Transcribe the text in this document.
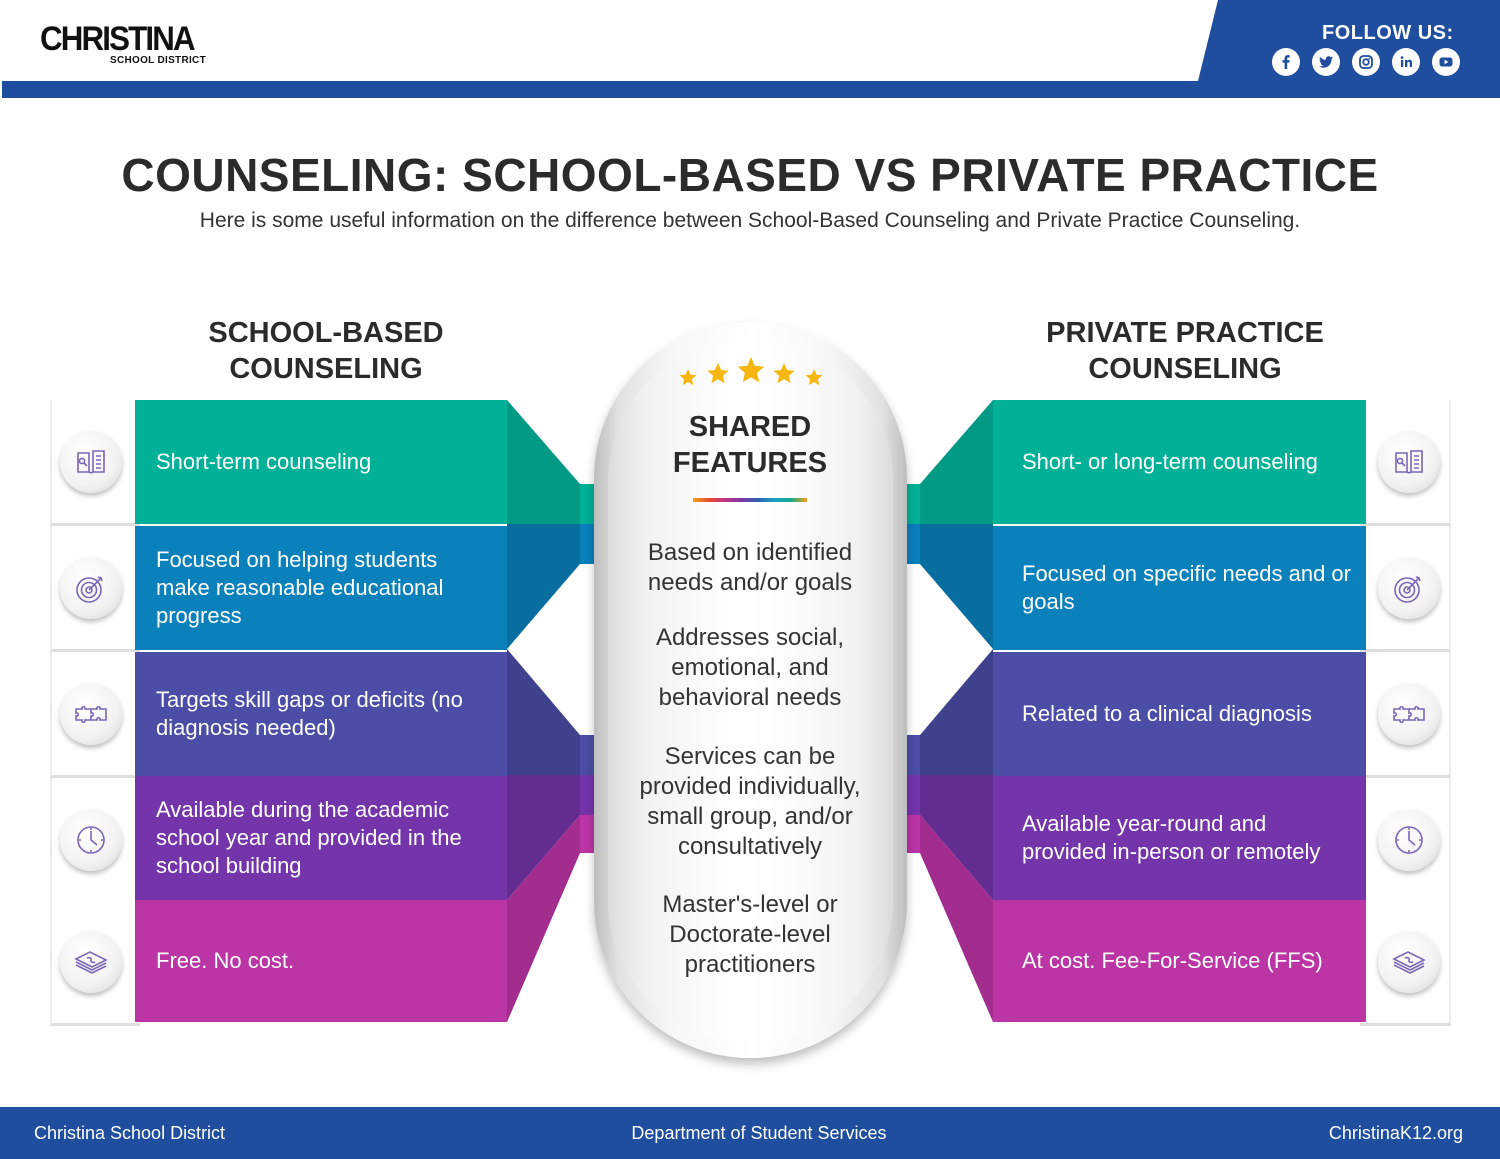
CHRISTINA
SCHOOL DISTRICT
FOLLOW US:
COUNSELING: SCHOOL-BASED VS PRIVATE PRACTICE

Here is some useful information on the difference between School-Based Counseling and Private Practice Counseling.

SCHOOL-BASED
COUNSELING
PRIVATE PRACTICE
COUNSELING
Short-term counseling
Focused on helping students make reasonable educational progress
Targets skill gaps or deficits (no diagnosis needed)
Available during the academic school year and provided in the school building
Free. No cost.
Short- or long-term counseling
Focused on specific needs and or goals
Related to a clinical diagnosis
Available year-round and provided in-person or remotely
At cost. Fee-For-Service (FFS)
SHARED
FEATURES
Based on identified needs and/or goals
Addresses social, emotional, and behavioral needs
Services can be provided individually, small group, and/or consultatively
Master's-level or Doctorate-level practitioners
Christina School District	Department of Student Services	ChristinaK12.org
